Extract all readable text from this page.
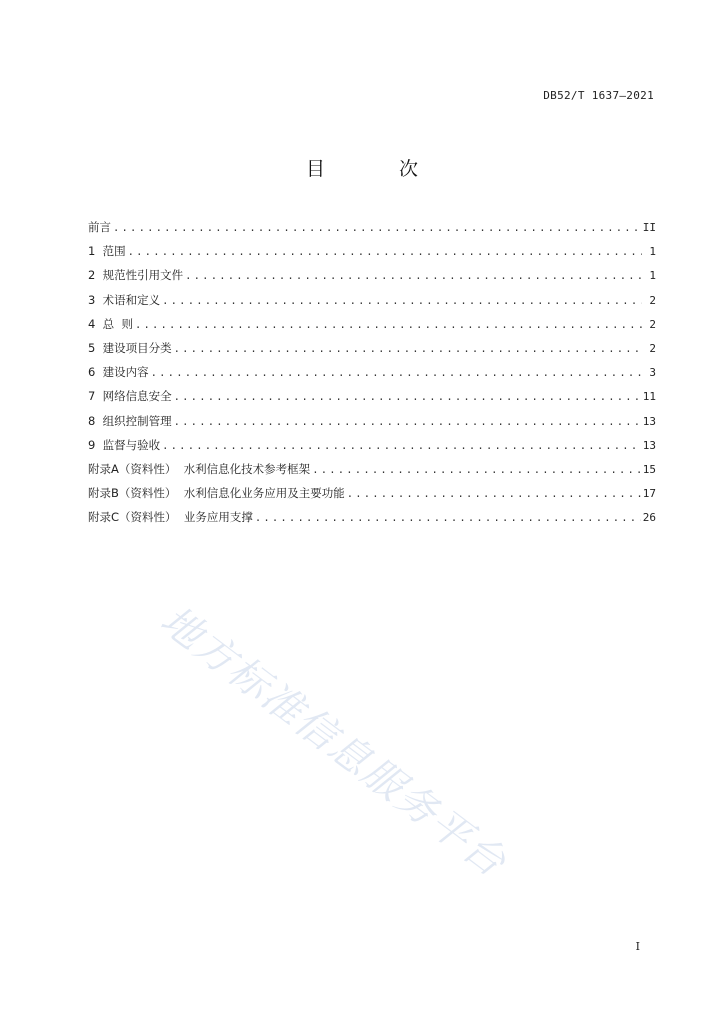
DB52/T 1637—2021
目 次
前言 .....	II
1  范围 .....	1
2  规范性引用文件 .....	1
3  术语和定义 .....	2
4  总  则 .....	2
5  建设项目分类 .....	2
6  建设内容 .....	3
7  网络信息安全 .....	11
8  组织控制管理 .....	13
9  监督与验收 .....	13
附录A（资料性）  水利信息化技术参考框架 .....	15
附录B（资料性）  水利信息化业务应用及主要功能 .....	17
附录C（资料性）  业务应用支撑 .....	26
地方标准信息服务平台
I
